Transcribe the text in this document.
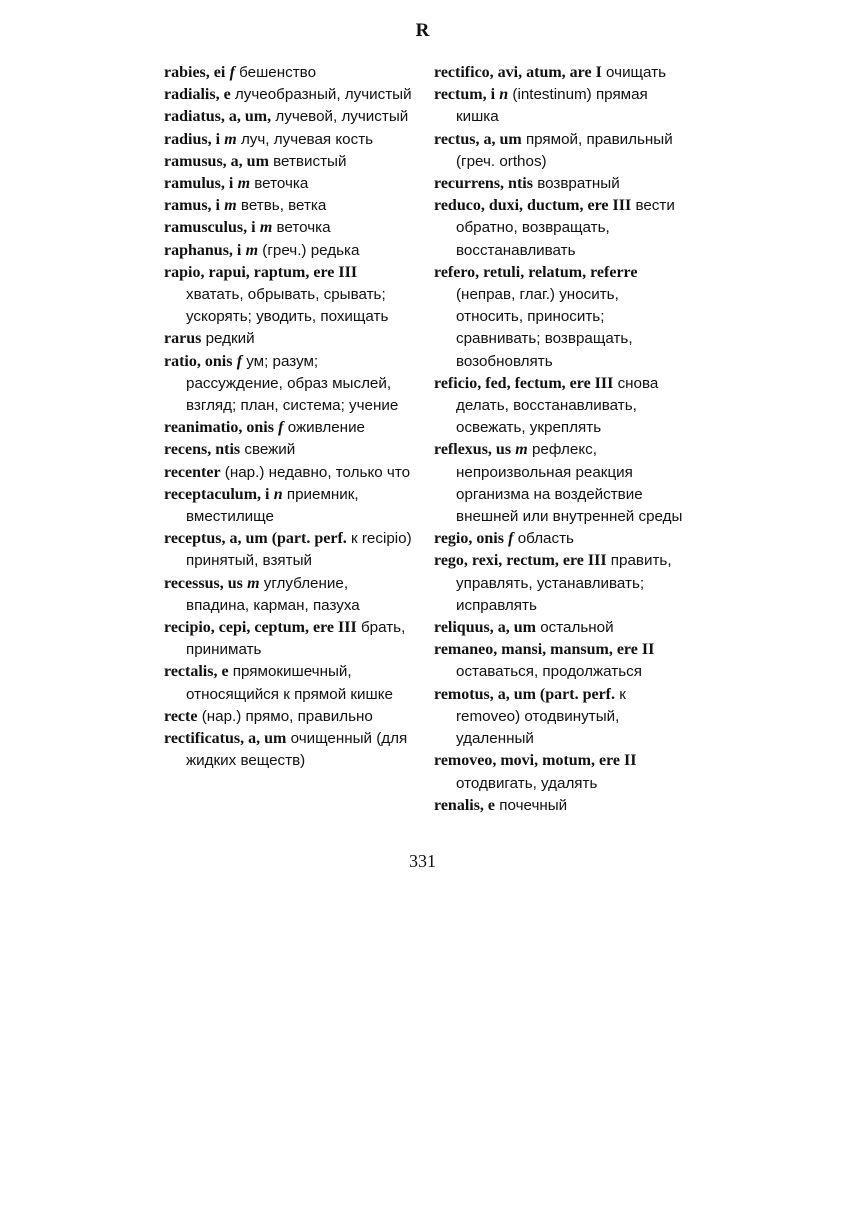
R

rabies, ei f бешенство

radialis, e лучеобразный, лучистый

radiatus, a, um, лучевой, лучистый

radius, i m луч, лучевая кость

ramusus, a, um ветвистый

ramulus, i m веточка

ramus, i m ветвь, ветка

ramusculus, i m веточка

raphanus, i m (греч.) редька

rapio, rapui, raptum, ere III хватать, обрывать, срывать; ускорять; уводить, похищать

rarus редкий

ratio, onis f ум; разум; рассуждение, образ мыслей, взгляд; план, система; учение

reanimatio, onis f оживление

recens, ntis свежий

recenter (нар.) недавно, только что

receptaculum, i n приемник, вместилище

receptus, a, um (part. perf. к recipio) принятый, взятый

recessus, us m углубление, впадина, карман, пазуха

recipio, cepi, ceptum, ere III брать, принимать

rectalis, e прямокишечный, относящийся к прямой кишке

recte (нар.) прямо, правильно

rectificatus, a, um очищенный (для жидких веществ)

rectifico, avi, atum, are I очищать

rectum, i n (intestinum) прямая кишка

rectus, a, um прямой, правильный (греч. orthos)

recurrens, ntis возвратный

reduco, duxi, ductum, ere III вести обратно, возвращать, восстанавливать

refero, retuli, relatum, referre (неправ, глаг.) уносить, относить, приносить; сравнивать; возвращать, возобновлять

reficio, fed, fectum, ere III снова делать, восстанавливать, освежать, укреплять

reflexus, us m рефлекс, непроизвольная реакция организма на воздействие внешней или внутренней среды

regio, onis f область

rego, rexi, rectum, ere III править, управлять, устанавливать; исправлять

reliquus, a, um остальной

remaneo, mansi, mansum, ere II оставаться, продолжаться

remotus, a, um (part. perf. к removeo) отодвинутый, удаленный

removeo, movi, motum, ere II отодвигать, удалять

renalis, e почечный

331
